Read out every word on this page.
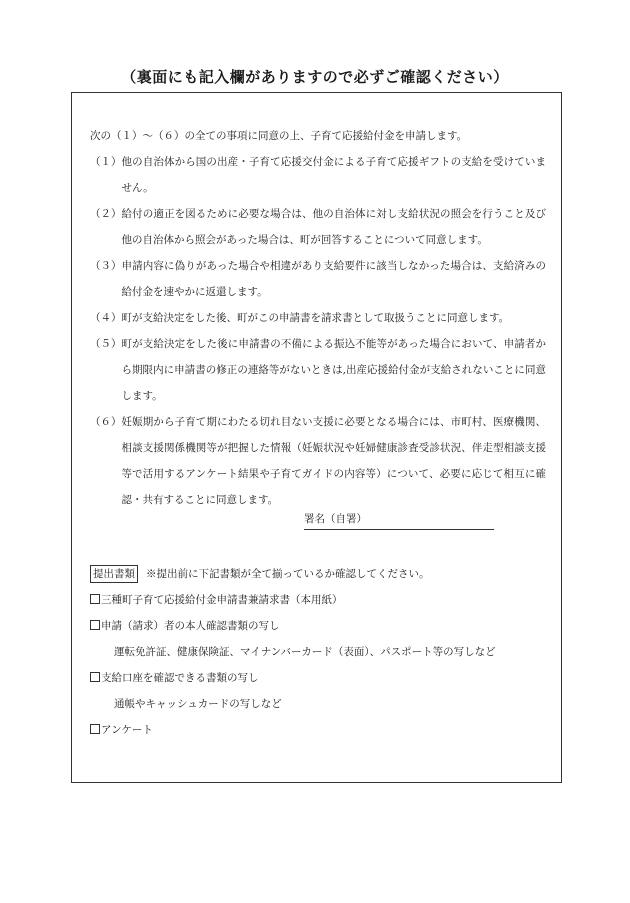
（裏面にも記入欄がありますので必ずご確認ください）

次の（１）～（６）の全ての事項に同意の上、子育て応援給付金を申請します。

（１） 他の自治体から国の出産・子育て応援交付金による子育て応援ギフトの支給を受けていません。
（２） 給付の適正を図るために必要な場合は、他の自治体に対し支給状況の照会を行うこと及び他の自治体から照会があった場合は、町が回答することについて同意します。
（３） 申請内容に偽りがあった場合や相違があり支給要件に該当しなかった場合は、支給済みの給付金を速やかに返還します。
（４） 町が支給決定をした後、町がこの申請書を請求書として取扱うことに同意します。
（５） 町が支給決定をした後に申請書の不備による振込不能等があった場合において、申請者から期限内に申請書の修正の連絡等がないときは,出産応援給付金が支給されないことに同意します。
（６） 妊娠期から子育て期にわたる切れ目ない支援に必要となる場合には、市町村、医療機関、相談支援関係機関等が把握した情報（妊娠状況や妊婦健康診査受診状況、伴走型相談支援等で活用するアンケート結果や子育てガイドの内容等）について、必要に応じて相互に確認・共有することに同意します。
署名（自署）

提出書類 ※提出前に下記書類が全て揃っているか確認してください。

三種町子育て応援給付金申請書兼請求書（本用紙）

申請（請求）者の本人確認書類の写し

運転免許証、健康保険証、マイナンバーカード（表面）、パスポート等の写しなど

支給口座を確認できる書類の写し

通帳やキャッシュカードの写しなど

アンケート
